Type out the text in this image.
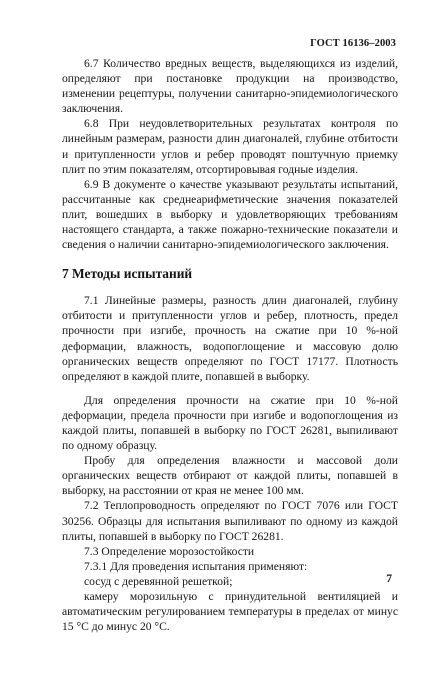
ГОСТ 16136–2003

6.7 Количество вредных веществ, выделяющихся из изделий, определяют при постановке продукции на производство, изменении рецептуры, получении санитарно-эпидемиологического заключения.

6.8 При неудовлетворительных результатах контроля по линейным размерам, разности длин диагоналей, глубине отбитости и притупленности углов и ребер проводят поштучную приемку плит по этим показателям, отсортировывая годные изделия.

6.9 В документе о качестве указывают результаты испытаний, рассчитанные как среднеарифметические значения показателей плит, вошедших в выборку и удовлетворяющих требованиям настоящего стандарта, а также пожарно-технические показатели и сведения о наличии санитарно-эпидемиологического заключения.

7 Методы испытаний

7.1 Линейные размеры, разность длин диагоналей, глубину отбитости и притупленности углов и ребер, плотность, предел прочности при изгибе, прочность на сжатие при 10 %-ной деформации, влажность, водопоглощение и массовую долю органических веществ определяют по ГОСТ 17177. Плотность определяют в каждой плите, попавшей в выборку.

Для определения прочности на сжатие при 10 %-ной деформации, предела прочности при изгибе и водопоглощения из каждой плиты, попавшей в выборку по ГОСТ 26281, выпиливают по одному образцу.

Пробу для определения влажности и массовой доли органических веществ отбирают от каждой плиты, попавшей в выборку, на расстоянии от края не менее 100 мм.

7.2 Теплопроводность определяют по ГОСТ 7076 или ГОСТ 30256. Образцы для испытания выпиливают по одному из каждой плиты, попавшей в выборку по ГОСТ 26281.

7.3 Определение морозостойкости

7.3.1 Для проведения испытания применяют:

сосуд с деревянной решеткой;

камеру морозильную с принудительной вентиляцией и автоматическим регулированием температуры в пределах от минус 15 °С до минус 20 °С.

7
